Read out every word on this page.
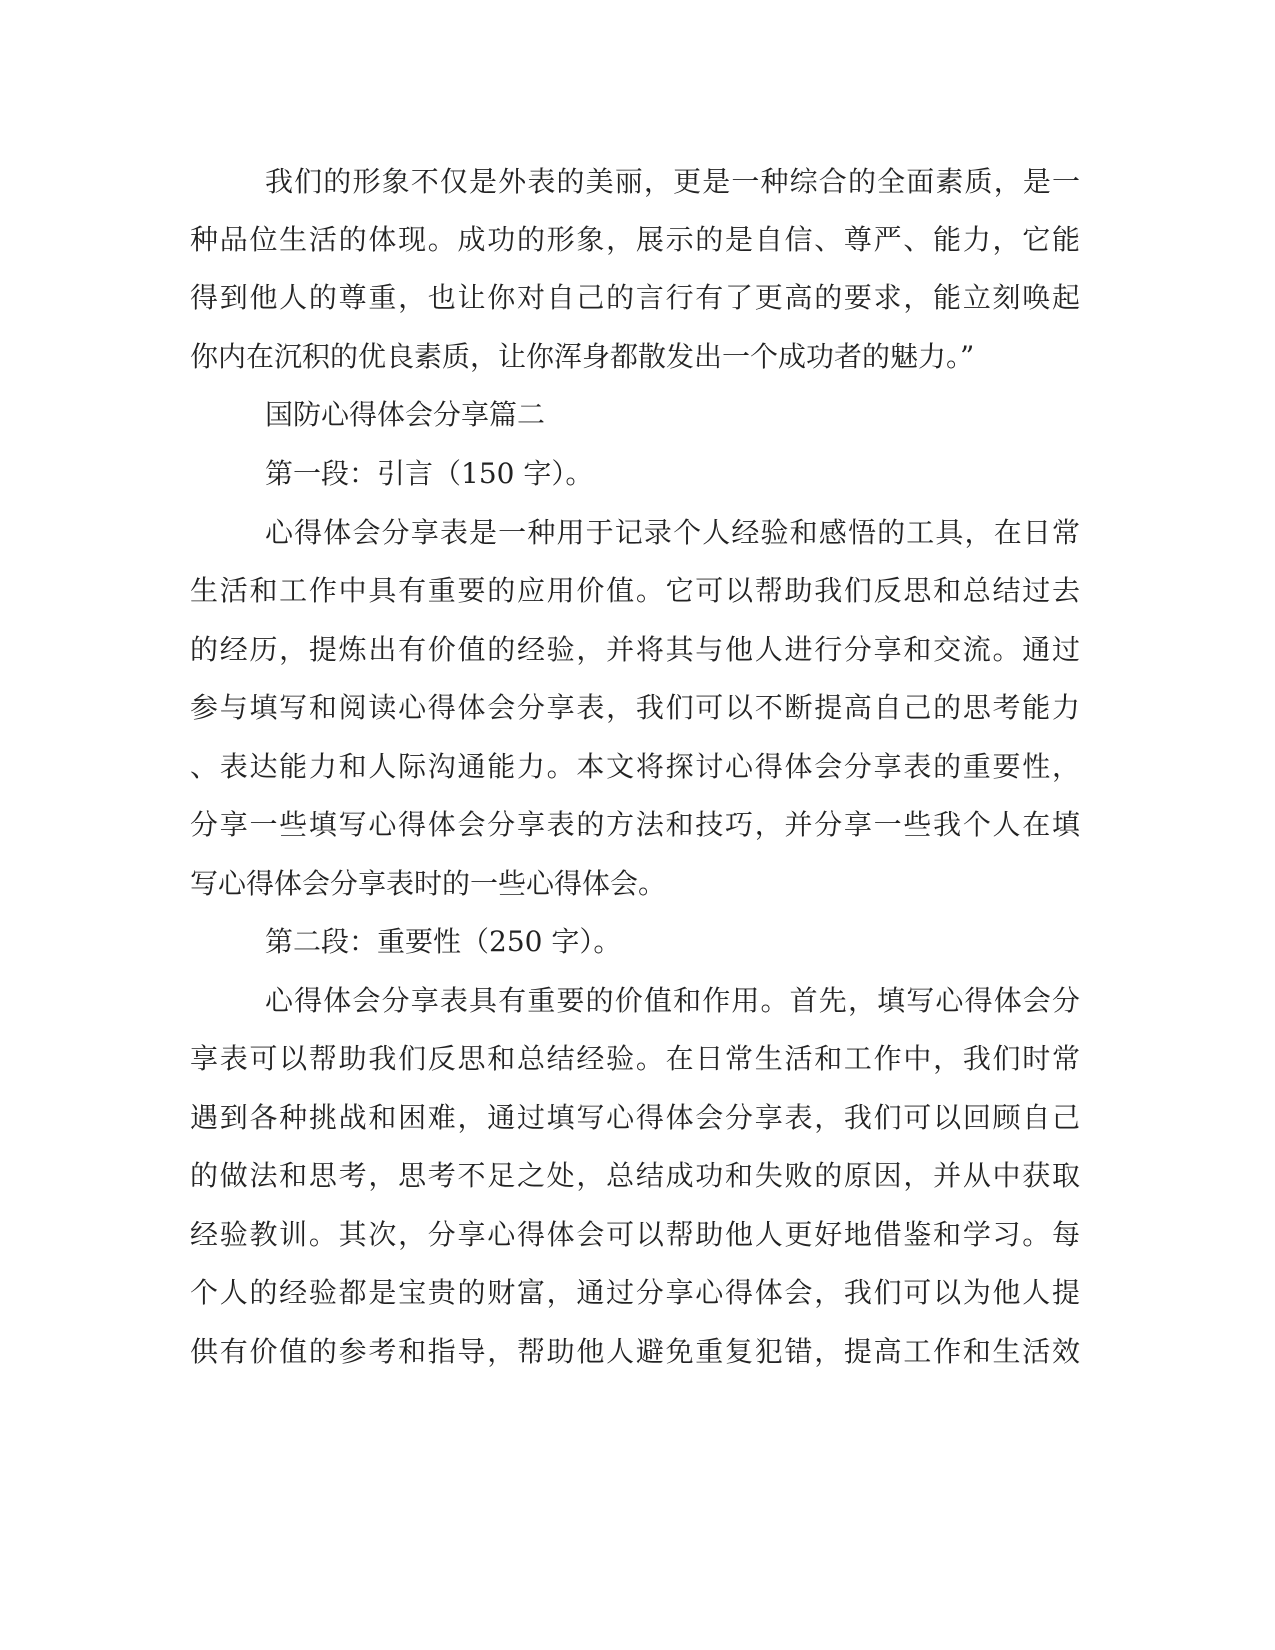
我们的形象不仅是外表的美丽，更是一种综合的全面素质，是一
种品位生活的体现。成功的形象，展示的是自信、尊严、能力，它能
得到他人的尊重，也让你对自己的言行有了更高的要求，能立刻唤起
你内在沉积的优良素质，让你浑身都散发出一个成功者的魅力。”
国防心得体会分享篇二
第一段：引言（150 字）。
心得体会分享表是一种用于记录个人经验和感悟的工具，在日常
生活和工作中具有重要的应用价值。它可以帮助我们反思和总结过去
的经历，提炼出有价值的经验，并将其与他人进行分享和交流。通过
参与填写和阅读心得体会分享表，我们可以不断提高自己的思考能力
、表达能力和人际沟通能力。本文将探讨心得体会分享表的重要性，
分享一些填写心得体会分享表的方法和技巧，并分享一些我个人在填
写心得体会分享表时的一些心得体会。
第二段：重要性（250 字）。
心得体会分享表具有重要的价值和作用。首先，填写心得体会分
享表可以帮助我们反思和总结经验。在日常生活和工作中，我们时常
遇到各种挑战和困难，通过填写心得体会分享表，我们可以回顾自己
的做法和思考，思考不足之处，总结成功和失败的原因，并从中获取
经验教训。其次，分享心得体会可以帮助他人更好地借鉴和学习。每
个人的经验都是宝贵的财富，通过分享心得体会，我们可以为他人提
供有价值的参考和指导，帮助他人避免重复犯错，提高工作和生活效
